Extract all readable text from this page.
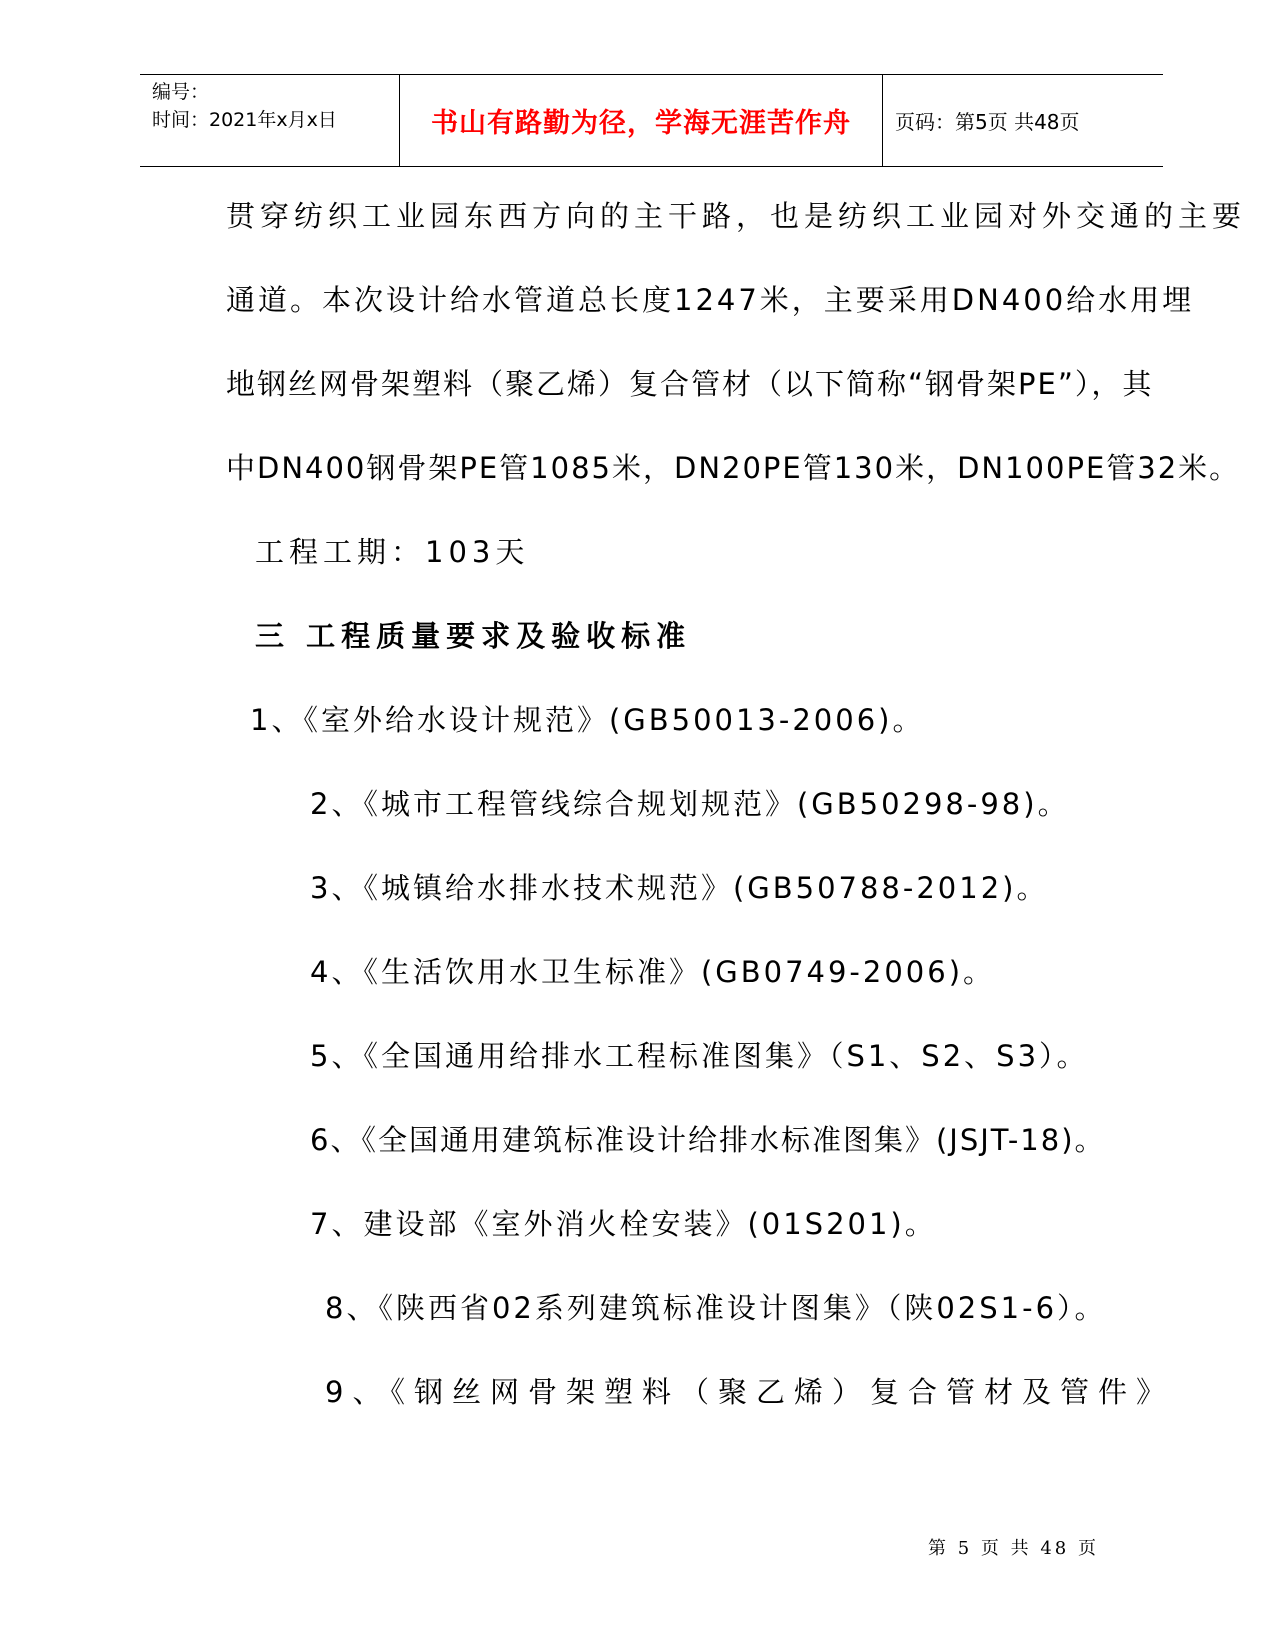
编号：
时间：2021年x月x日	书山有路勤为径，学海无涯苦作舟	页码：第5页 共48页
贯穿纺织工业园东西方向的主干路，也是纺织工业园对外交通的主要
通道。本次设计给水管道总长度1247米，主要采用DN400给水用埋
地钢丝网骨架塑料（聚乙烯）复合管材（以下简称“钢骨架PE”），其
中DN400钢骨架PE管1085米，DN20PE管130米，DN100PE管32米。
工程工期：103天
三 工程质量要求及验收标准
1、《室外给水设计规范》(GB50013-2006)。
2、《城市工程管线综合规划规范》(GB50298-98)。
3、《城镇给水排水技术规范》(GB50788-2012)。
4、《生活饮用水卫生标准》(GB0749-2006)。
5、《全国通用给排水工程标准图集》（S1、S2、S3）。
6、《全国通用建筑标准设计给排水标准图集》(JSJT-18)。
7、建设部《室外消火栓安装》(01S201)。
8、《陕西省02系列建筑标准设计图集》（陕02S1-6）。
9、《钢丝网骨架塑料（聚乙烯）复合管材及管件》
第 5 页 共 48 页
